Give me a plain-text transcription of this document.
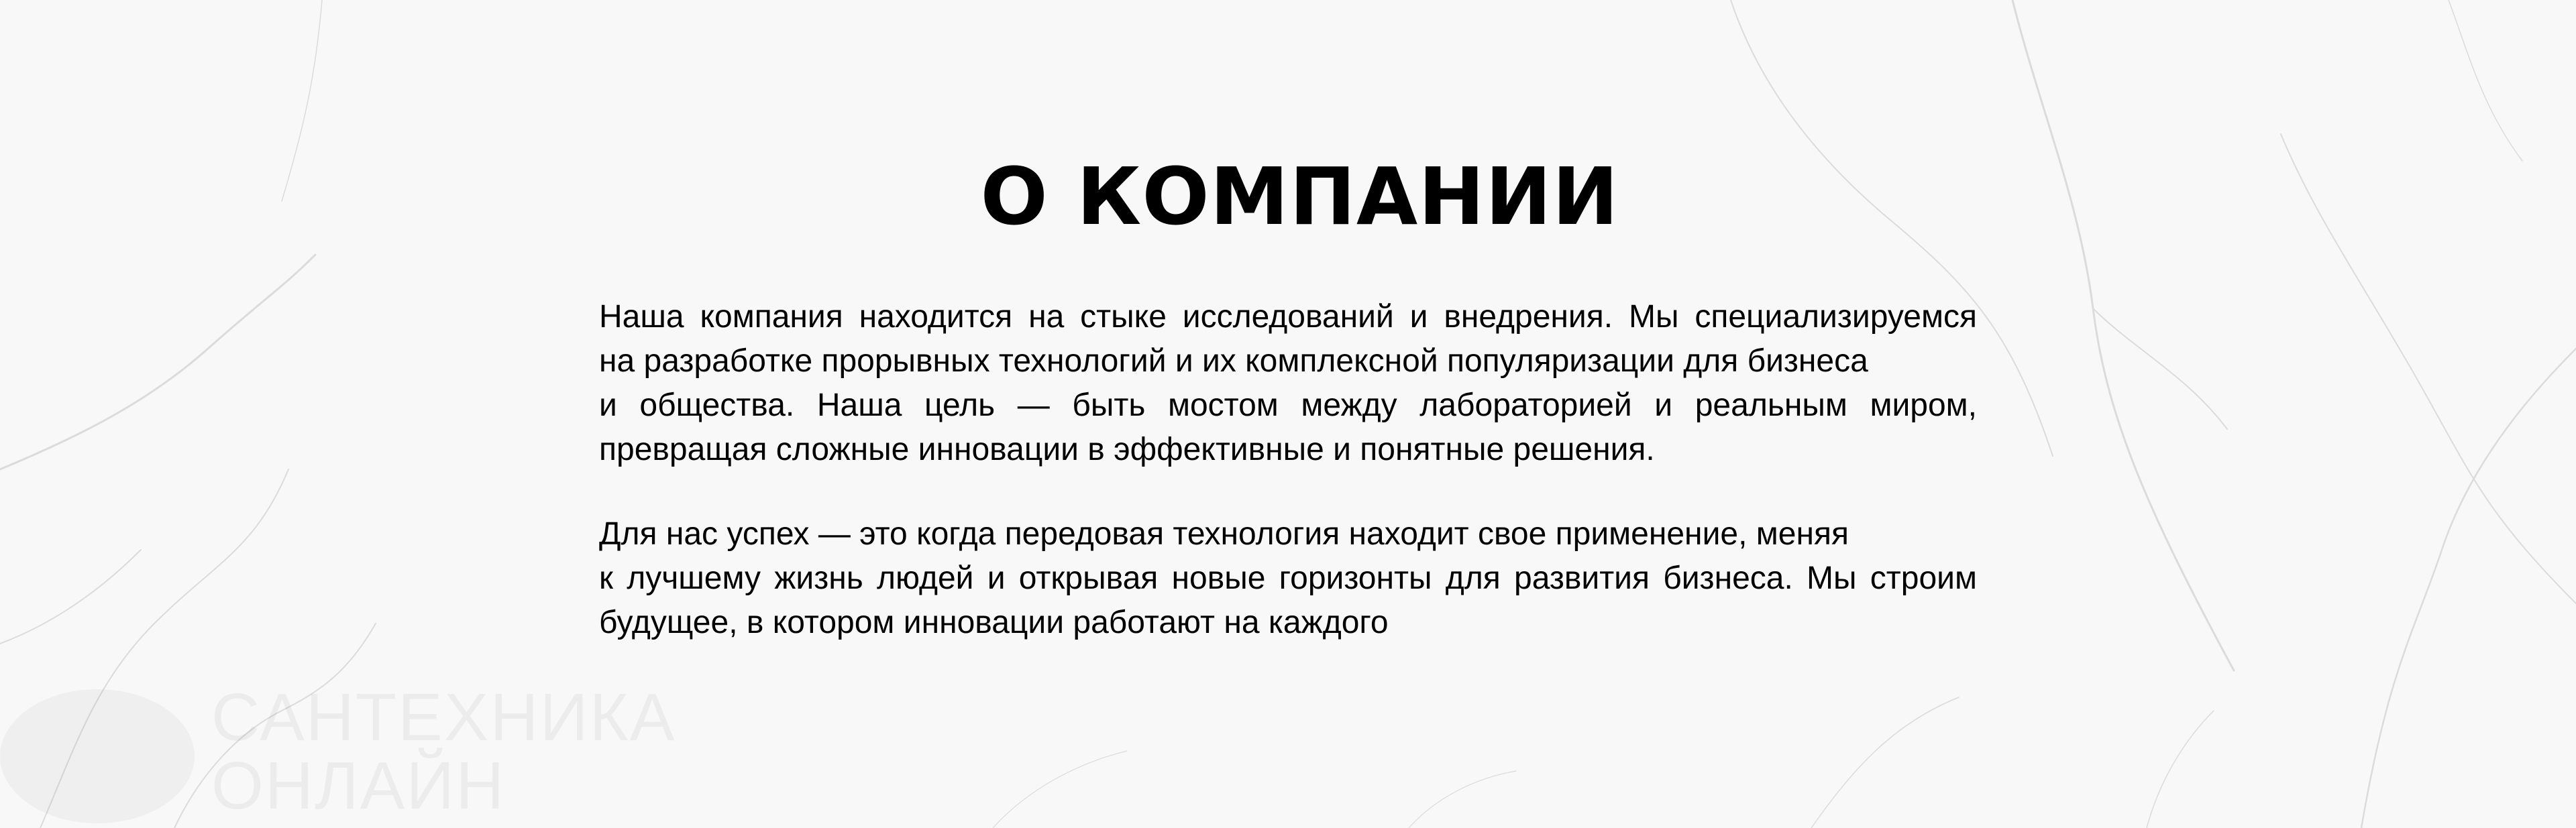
О КОМПАНИИ

Наша компания находится на стыке исследований и внедрения. Мы специализируемся
на разработке прорывных технологий и их комплексной популяризации для бизнеса
и общества. Наша цель — быть мостом между лабораторией и реальным миром,
превращая сложные инновации в эффективные и понятные решения.

Для нас успех — это когда передовая технология находит свое применение, меняя
к лучшему жизнь людей и открывая новые горизонты для развития бизнеса. Мы строим
будущее, в котором инновации работают на каждого
